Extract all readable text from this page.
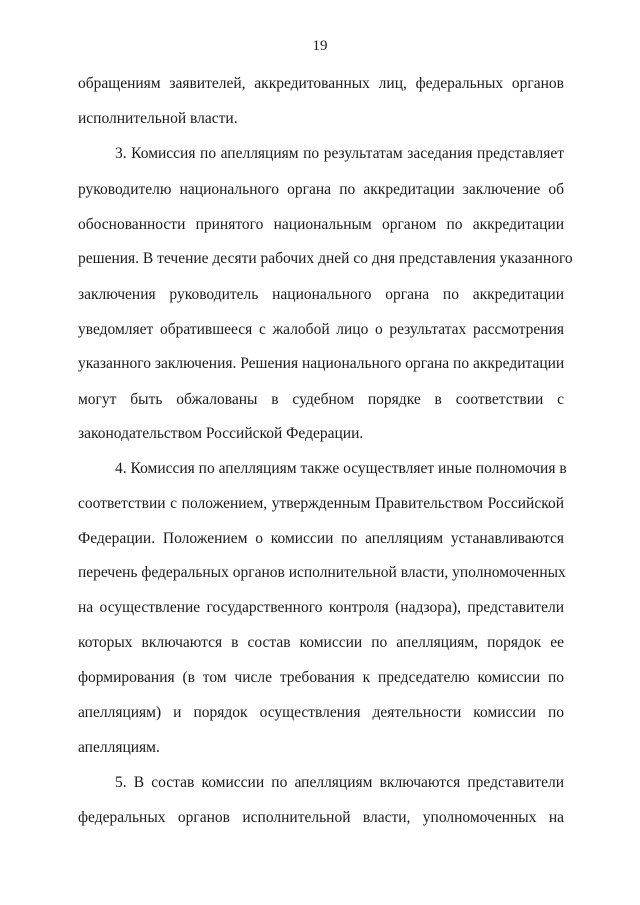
19
обращениям заявителей, аккредитованных лиц, федеральных органов
исполнительной власти.
3. Комиссия по апелляциям по результатам заседания представляет
руководителю национального органа по аккредитации заключение об
обоснованности принятого национальным органом по аккредитации
решения. В течение десяти рабочих дней со дня представления указанного
заключения руководитель национального органа по аккредитации
уведомляет обратившееся с жалобой лицо о результатах рассмотрения
указанного заключения. Решения национального органа по аккредитации
могут быть обжалованы в судебном порядке в соответствии с
законодательством Российской Федерации.
4. Комиссия по апелляциям также осуществляет иные полномочия в
соответствии с положением, утвержденным Правительством Российской
Федерации. Положением о комиссии по апелляциям устанавливаются
перечень федеральных органов исполнительной власти, уполномоченных
на осуществление государственного контроля (надзора), представители
которых включаются в состав комиссии по апелляциям, порядок ее
формирования (в том числе требования к председателю комиссии по
апелляциям) и порядок осуществления деятельности комиссии по
апелляциям.
5. В состав комиссии по апелляциям включаются представители
федеральных органов исполнительной власти, уполномоченных на
